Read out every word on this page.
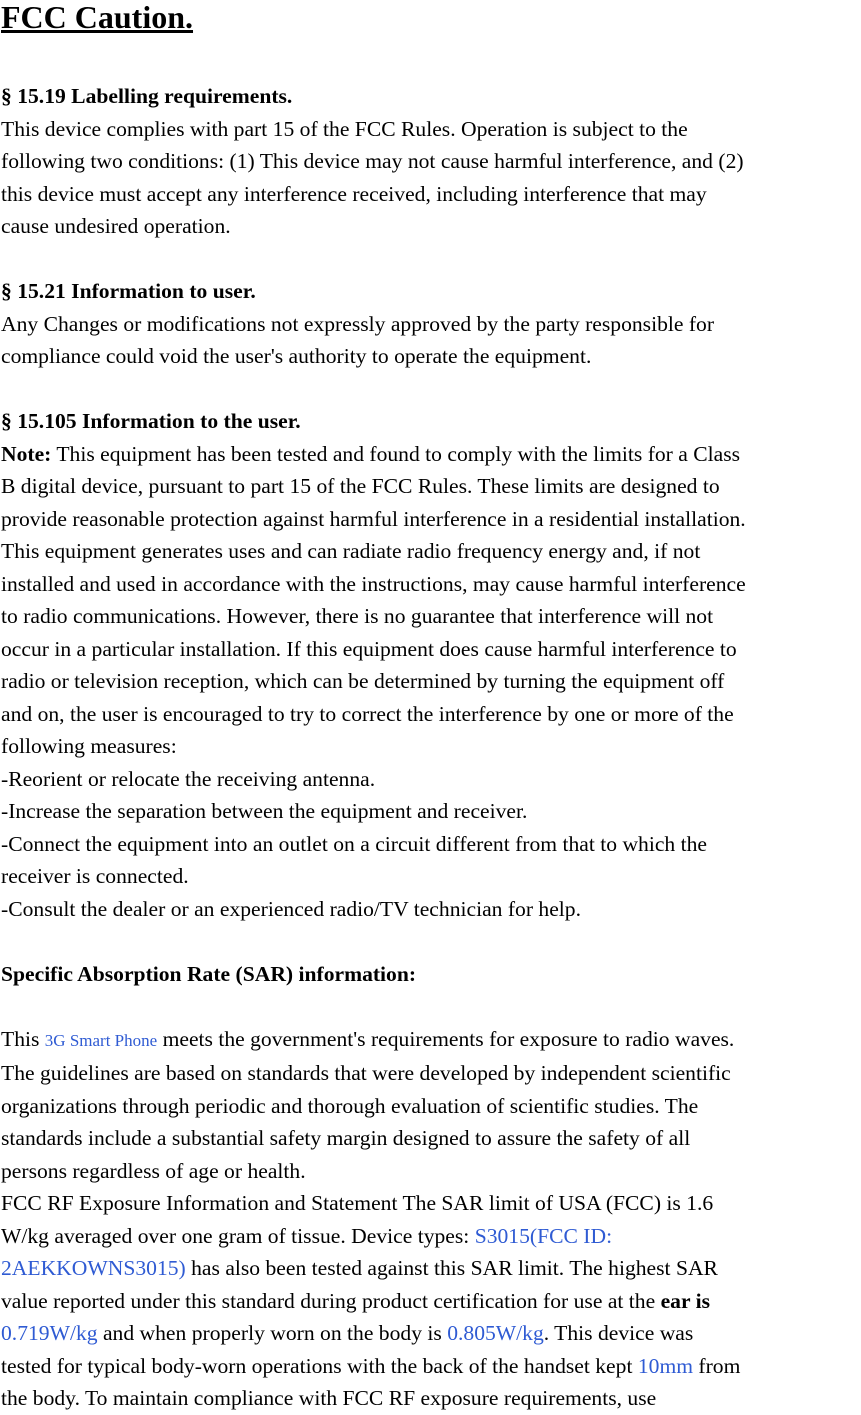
FCC Caution.

§ 15.19 Labelling requirements.

This device complies with part 15 of the FCC Rules. Operation is subject to the

following two conditions: (1) This device may not cause harmful interference, and (2)

this device must accept any interference received, including interference that may

cause undesired operation.

§ 15.21 Information to user.

Any Changes or modifications not expressly approved by the party responsible for

compliance could void the user's authority to operate the equipment.

§ 15.105 Information to the user.

Note: This equipment has been tested and found to comply with the limits for a Class

B digital device, pursuant to part 15 of the FCC Rules. These limits are designed to

provide reasonable protection against harmful interference in a residential installation.

This equipment generates uses and can radiate radio frequency energy and, if not

installed and used in accordance with the instructions, may cause harmful interference

to radio communications. However, there is no guarantee that interference will not

occur in a particular installation. If this equipment does cause harmful interference to

radio or television reception, which can be determined by turning the equipment off

and on, the user is encouraged to try to correct the interference by one or more of the

following measures:

-Reorient or relocate the receiving antenna.

-Increase the separation between the equipment and receiver.

-Connect the equipment into an outlet on a circuit different from that to which the

receiver is connected.

-Consult the dealer or an experienced radio/TV technician for help.

Specific Absorption Rate (SAR) information:

This 3G Smart Phone meets the government's requirements for exposure to radio waves.

The guidelines are based on standards that were developed by independent scientific

organizations through periodic and thorough evaluation of scientific studies. The

standards include a substantial safety margin designed to assure the safety of all

persons regardless of age or health.

FCC RF Exposure Information and Statement The SAR limit of USA (FCC) is 1.6

W/kg averaged over one gram of tissue. Device types: S3015(FCC ID:

2AEKKOWNS3015) has also been tested against this SAR limit. The highest SAR

value reported under this standard during product certification for use at the ear is

0.719W/kg and when properly worn on the body is 0.805W/kg. This device was

tested for typical body-worn operations with the back of the handset kept 10mm from

the body. To maintain compliance with FCC RF exposure requirements, use
